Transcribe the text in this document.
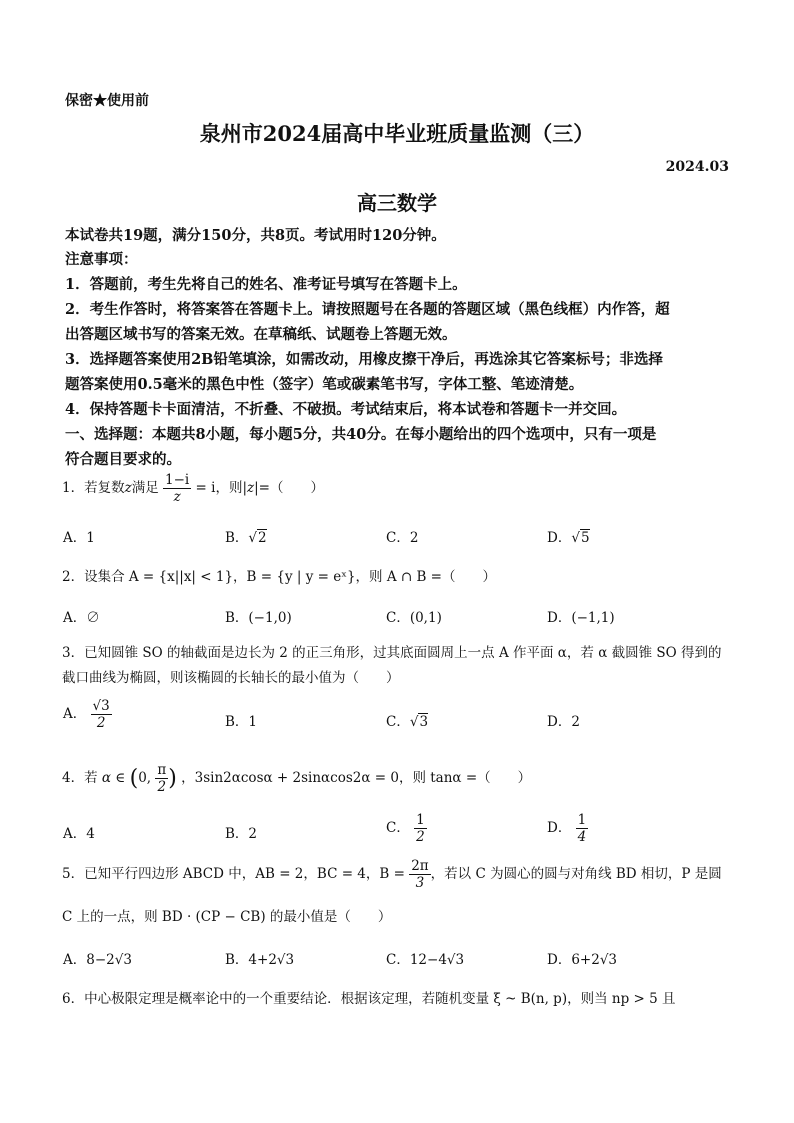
保密★使用前
泉州市2024届高中毕业班质量监测（三）
2024.03
高三数学
本试卷共19题，满分150分，共8页。考试用时120分钟。
注意事项：
1．答题前，考生先将自己的姓名、准考证号填写在答题卡上。
2．考生作答时，将答案答在答题卡上。请按照题号在各题的答题区域（黑色线框）内作答，超
出答题区域书写的答案无效。在草稿纸、试题卷上答题无效。
3．选择题答案使用2B铅笔填涂，如需改动，用橡皮擦干净后，再选涂其它答案标号；非选择
题答案使用0.5毫米的黑色中性（签字）笔或碳素笔书写，字体工整、笔迹清楚。
4．保持答题卡卡面清洁，不折叠、不破损。考试结束后，将本试卷和答题卡一并交回。
一、选择题：本题共8小题，每小题5分，共40分。在每小题给出的四个选项中，只有一项是
符合题目要求的。
1．若复数z满足 $\frac{1-i}{z} = i$，则|z|=（　　）
A．1	B．√2	C．2	D．√5
2．设集合 A = {x||x| < 1}，B = {y | y = eˣ}，则 A ∩ B =（　　）
A．∅	B．(−1,0)	C．(0,1)	D．(−1,1)
3．已知圆锥 SO 的轴截面是边长为 2 的正三角形，过其底面圆周上一点 A 作平面 α，若 α 截圆锥 SO 得到的
截口曲线为椭圆，则该椭圆的长轴长的最小值为（　　）
A． $\frac{√3}{2}$	B．1	C．√3	D．2
4．若 α ∈ (0, $\frac{\pi}{2}$ ) ，3sin2αcosα + 2sinαcos2α = 0，则 tanα =（　　）
A．4	B．2	C． $\frac{1}{2}$	D． $\frac{1}{4}$
5．已知平行四边形 ABCD 中，AB = 2，BC = 4，$B = \frac{2\pi}{3}$ ，若以 C 为圆心的圆与对角线 BD 相切，P 是圆
C 上的一点，则 BD · (CP − CB) 的最小值是（　　）
A．8−2√3	B．4+2√3	C．12−4√3	D．6+2√3
6．中心极限定理是概率论中的一个重要结论．根据该定理，若随机变量 ξ ~ B(n, p)，则当 np > 5 且
